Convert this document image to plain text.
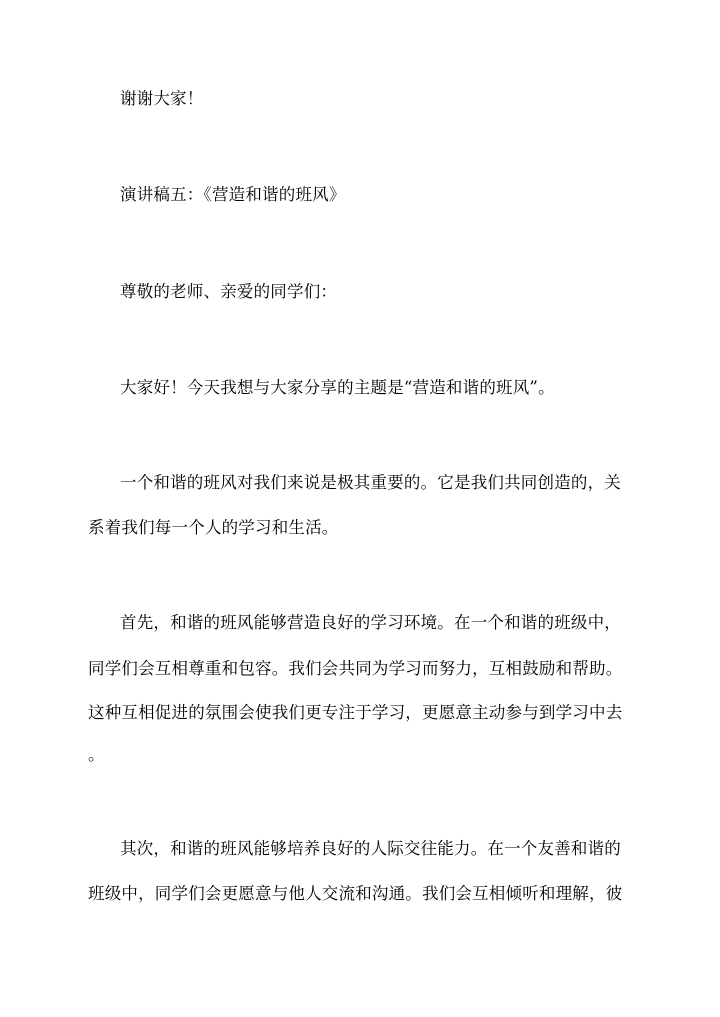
谢谢大家！
演讲稿五：《营造和谐的班风》
尊敬的老师、亲爱的同学们：
大家好！今天我想与大家分享的主题是“营造和谐的班风”。
一个和谐的班风对我们来说是极其重要的。它是我们共同创造的，关
系着我们每一个人的学习和生活。
首先，和谐的班风能够营造良好的学习环境。在一个和谐的班级中，
同学们会互相尊重和包容。我们会共同为学习而努力，互相鼓励和帮助。
这种互相促进的氛围会使我们更专注于学习，更愿意主动参与到学习中去
。
其次，和谐的班风能够培养良好的人际交往能力。在一个友善和谐的
班级中，同学们会更愿意与他人交流和沟通。我们会互相倾听和理解，彼
